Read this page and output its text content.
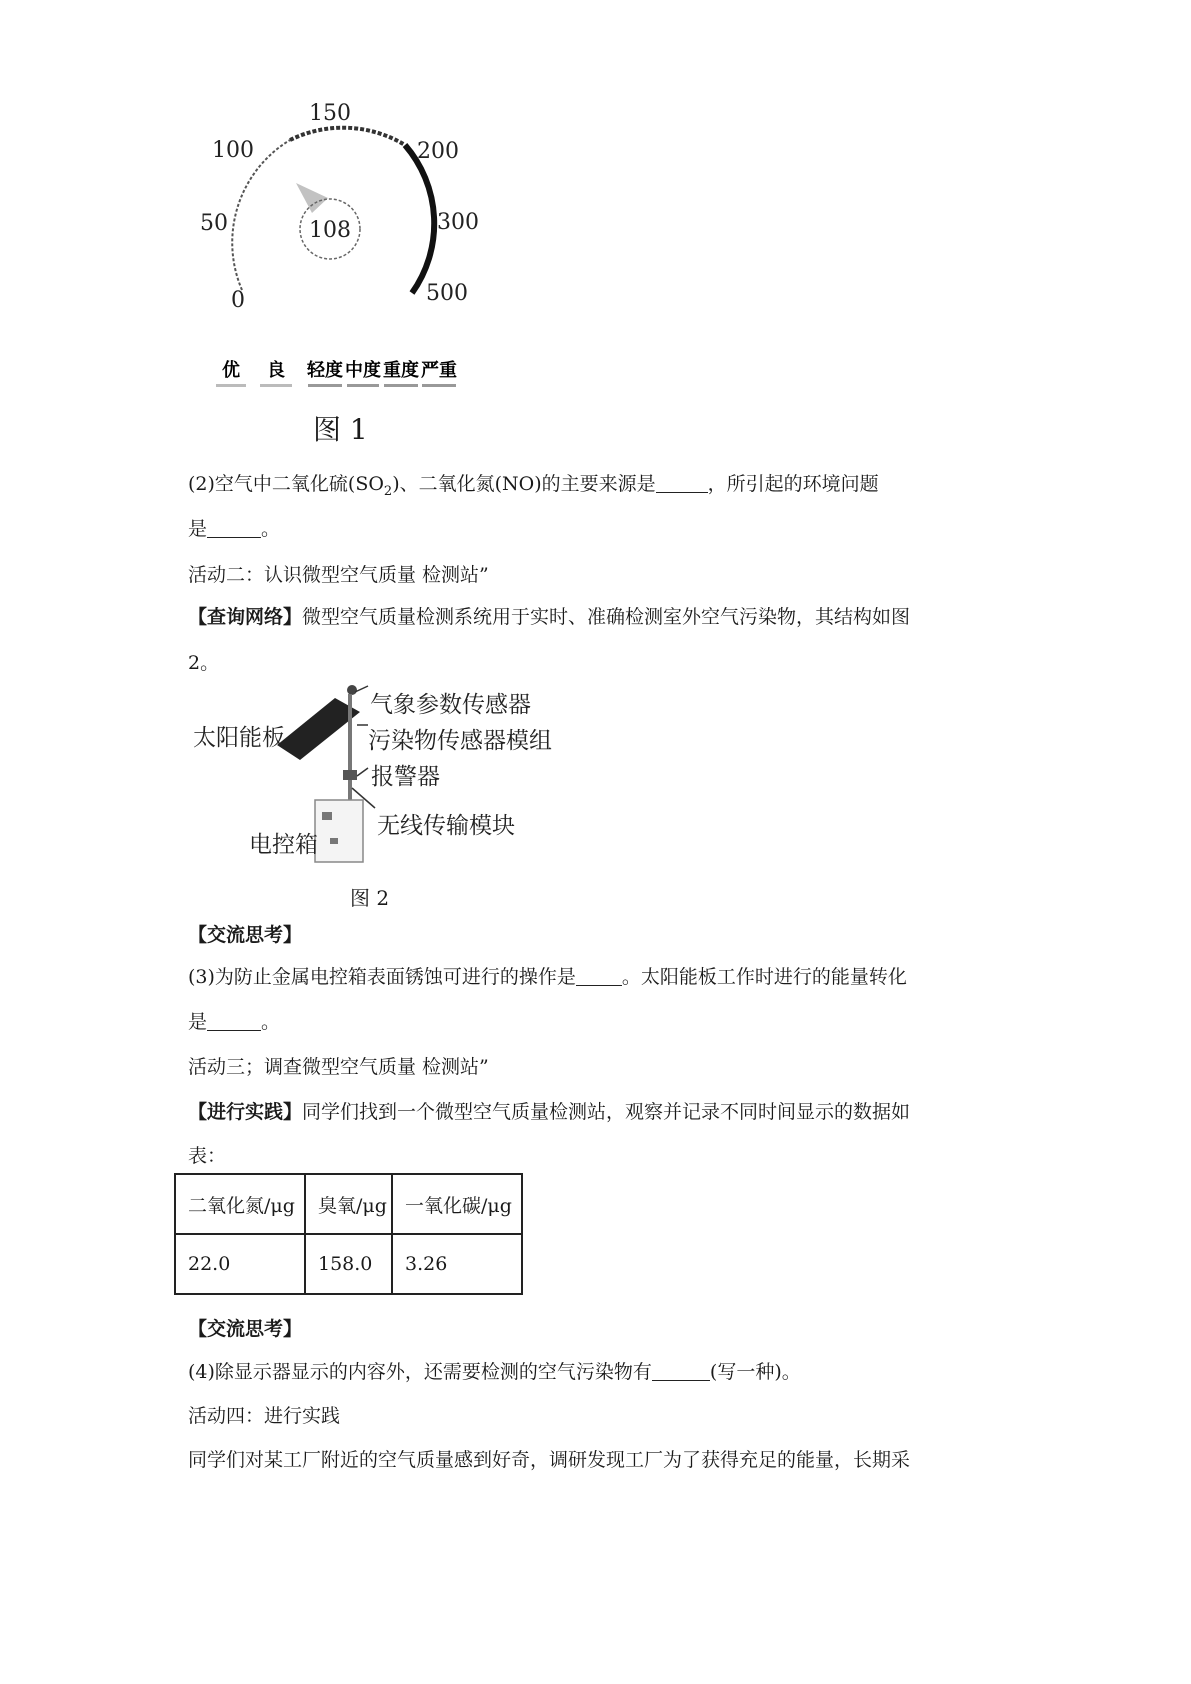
108
0
50
100
150
200
300
500
优 良 轻度 中度 重度 严重
图 1
(2)空气中二氧化硫$(SO_2)$、二氧化氮(NO)的主要来源是	，所引起的环境问题
是	。
活动二：认识微型空气质量 检测站”
【查询网络】微型空气质量检测系统用于实时、准确检测室外空气污染物，其结构如图
2。
太阳能板
气象参数传感器
污染物传感器模组
报警器
无线传输模块
电控箱
图 2
【交流思考】
(3)为防止金属电控箱表面锈蚀可进行的操作是 。太阳能板工作时进行的能量转化
是	。
活动三；调查微型空气质量 检测站”
【进行实践】同学们找到一个微型空气质量检测站，观察并记录不同时间显示的数据如
表：
二氧化氮/μg	臭氧/μg	一氧化碳/μg
22.0	158.0	3.26
【交流思考】
(4)除显示器显示的内容外，还需要检测的空气污染物有	(写一种)。
活动四：进行实践
同学们对某工厂附近的空气质量感到好奇，调研发现工厂为了获得充足的能量，长期采
